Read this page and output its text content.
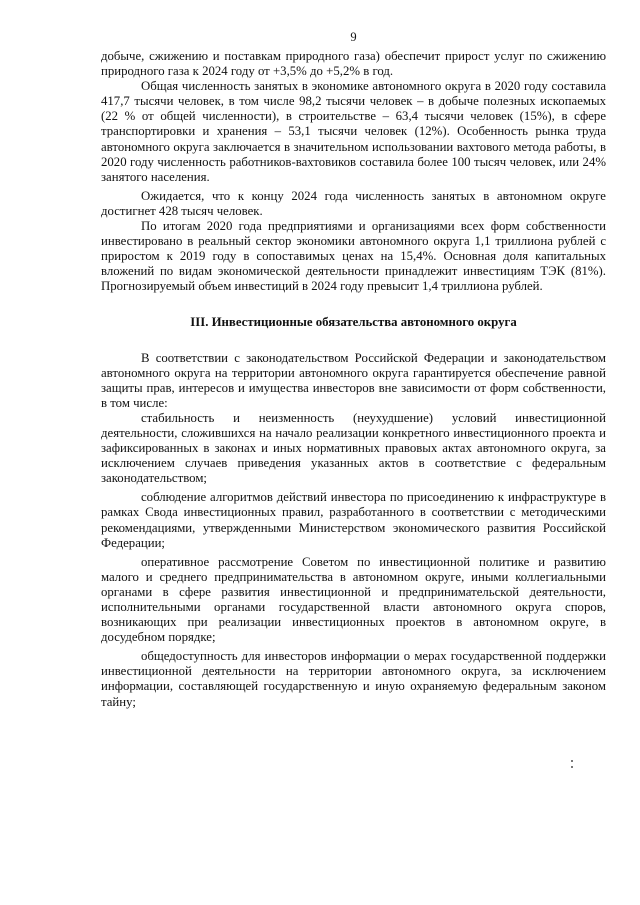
9

добыче, сжижению и поставкам природного газа) обеспечит прирост услуг по сжижению природного газа к 2024 году от +3,5% до +5,2% в год.

Общая численность занятых в экономике автономного округа в 2020 году составила 417,7 тысячи человек, в том числе 98,2 тысячи человек – в добыче полезных ископаемых (22 % от общей численности), в строительстве – 63,4 тысячи человек (15%), в сфере транспортировки и хранения – 53,1 тысячи человек (12%). Особенность рынка труда автономного округа заключается в значительном использовании вахтового метода работы, в 2020 году численность работников-вахтовиков составила более 100 тысяч человек, или 24% занятого населения.

Ожидается, что к концу 2024 года численность занятых в автономном округе достигнет 428 тысяч человек.

По итогам 2020 года предприятиями и организациями всех форм собственности инвестировано в реальный сектор экономики автономного округа 1,1 триллиона рублей с приростом к 2019 году в сопоставимых ценах на 15,4%. Основная доля капитальных вложений по видам экономической деятельности принадлежит инвестициям ТЭК (81%). Прогнозируемый объем инвестиций в 2024 году превысит 1,4 триллиона рублей.

III. Инвестиционные обязательства автономного округа

В соответствии с законодательством Российской Федерации и законодательством автономного округа на территории автономного округа гарантируется обеспечение равной защиты прав, интересов и имущества инвесторов вне зависимости от форм собственности, в том числе:

стабильность и неизменность (неухудшение) условий инвестиционной деятельности, сложившихся на начало реализации конкретного инвестиционного проекта и зафиксированных в законах и иных нормативных правовых актах автономного округа, за исключением случаев приведения указанных актов в соответствие с федеральным законодательством;

соблюдение алгоритмов действий инвестора по присоединению к инфраструктуре в рамках Свода инвестиционных правил, разработанного в соответствии с методическими рекомендациями, утвержденными Министерством экономического развития Российской Федерации;

оперативное рассмотрение Советом по инвестиционной политике и развитию малого и среднего предпринимательства в автономном округе, иными коллегиальными органами в сфере развития инвестиционной и предпринимательской деятельности, исполнительными органами государственной власти автономного округа споров, возникающих при реализации инвестиционных проектов в автономном округе, в досудебном порядке;

общедоступность для инвесторов информации о мерах государственной поддержки инвестиционной деятельности на территории автономного округа, за исключением информации, составляющей государственную и иную охраняемую федеральным законом тайну;
